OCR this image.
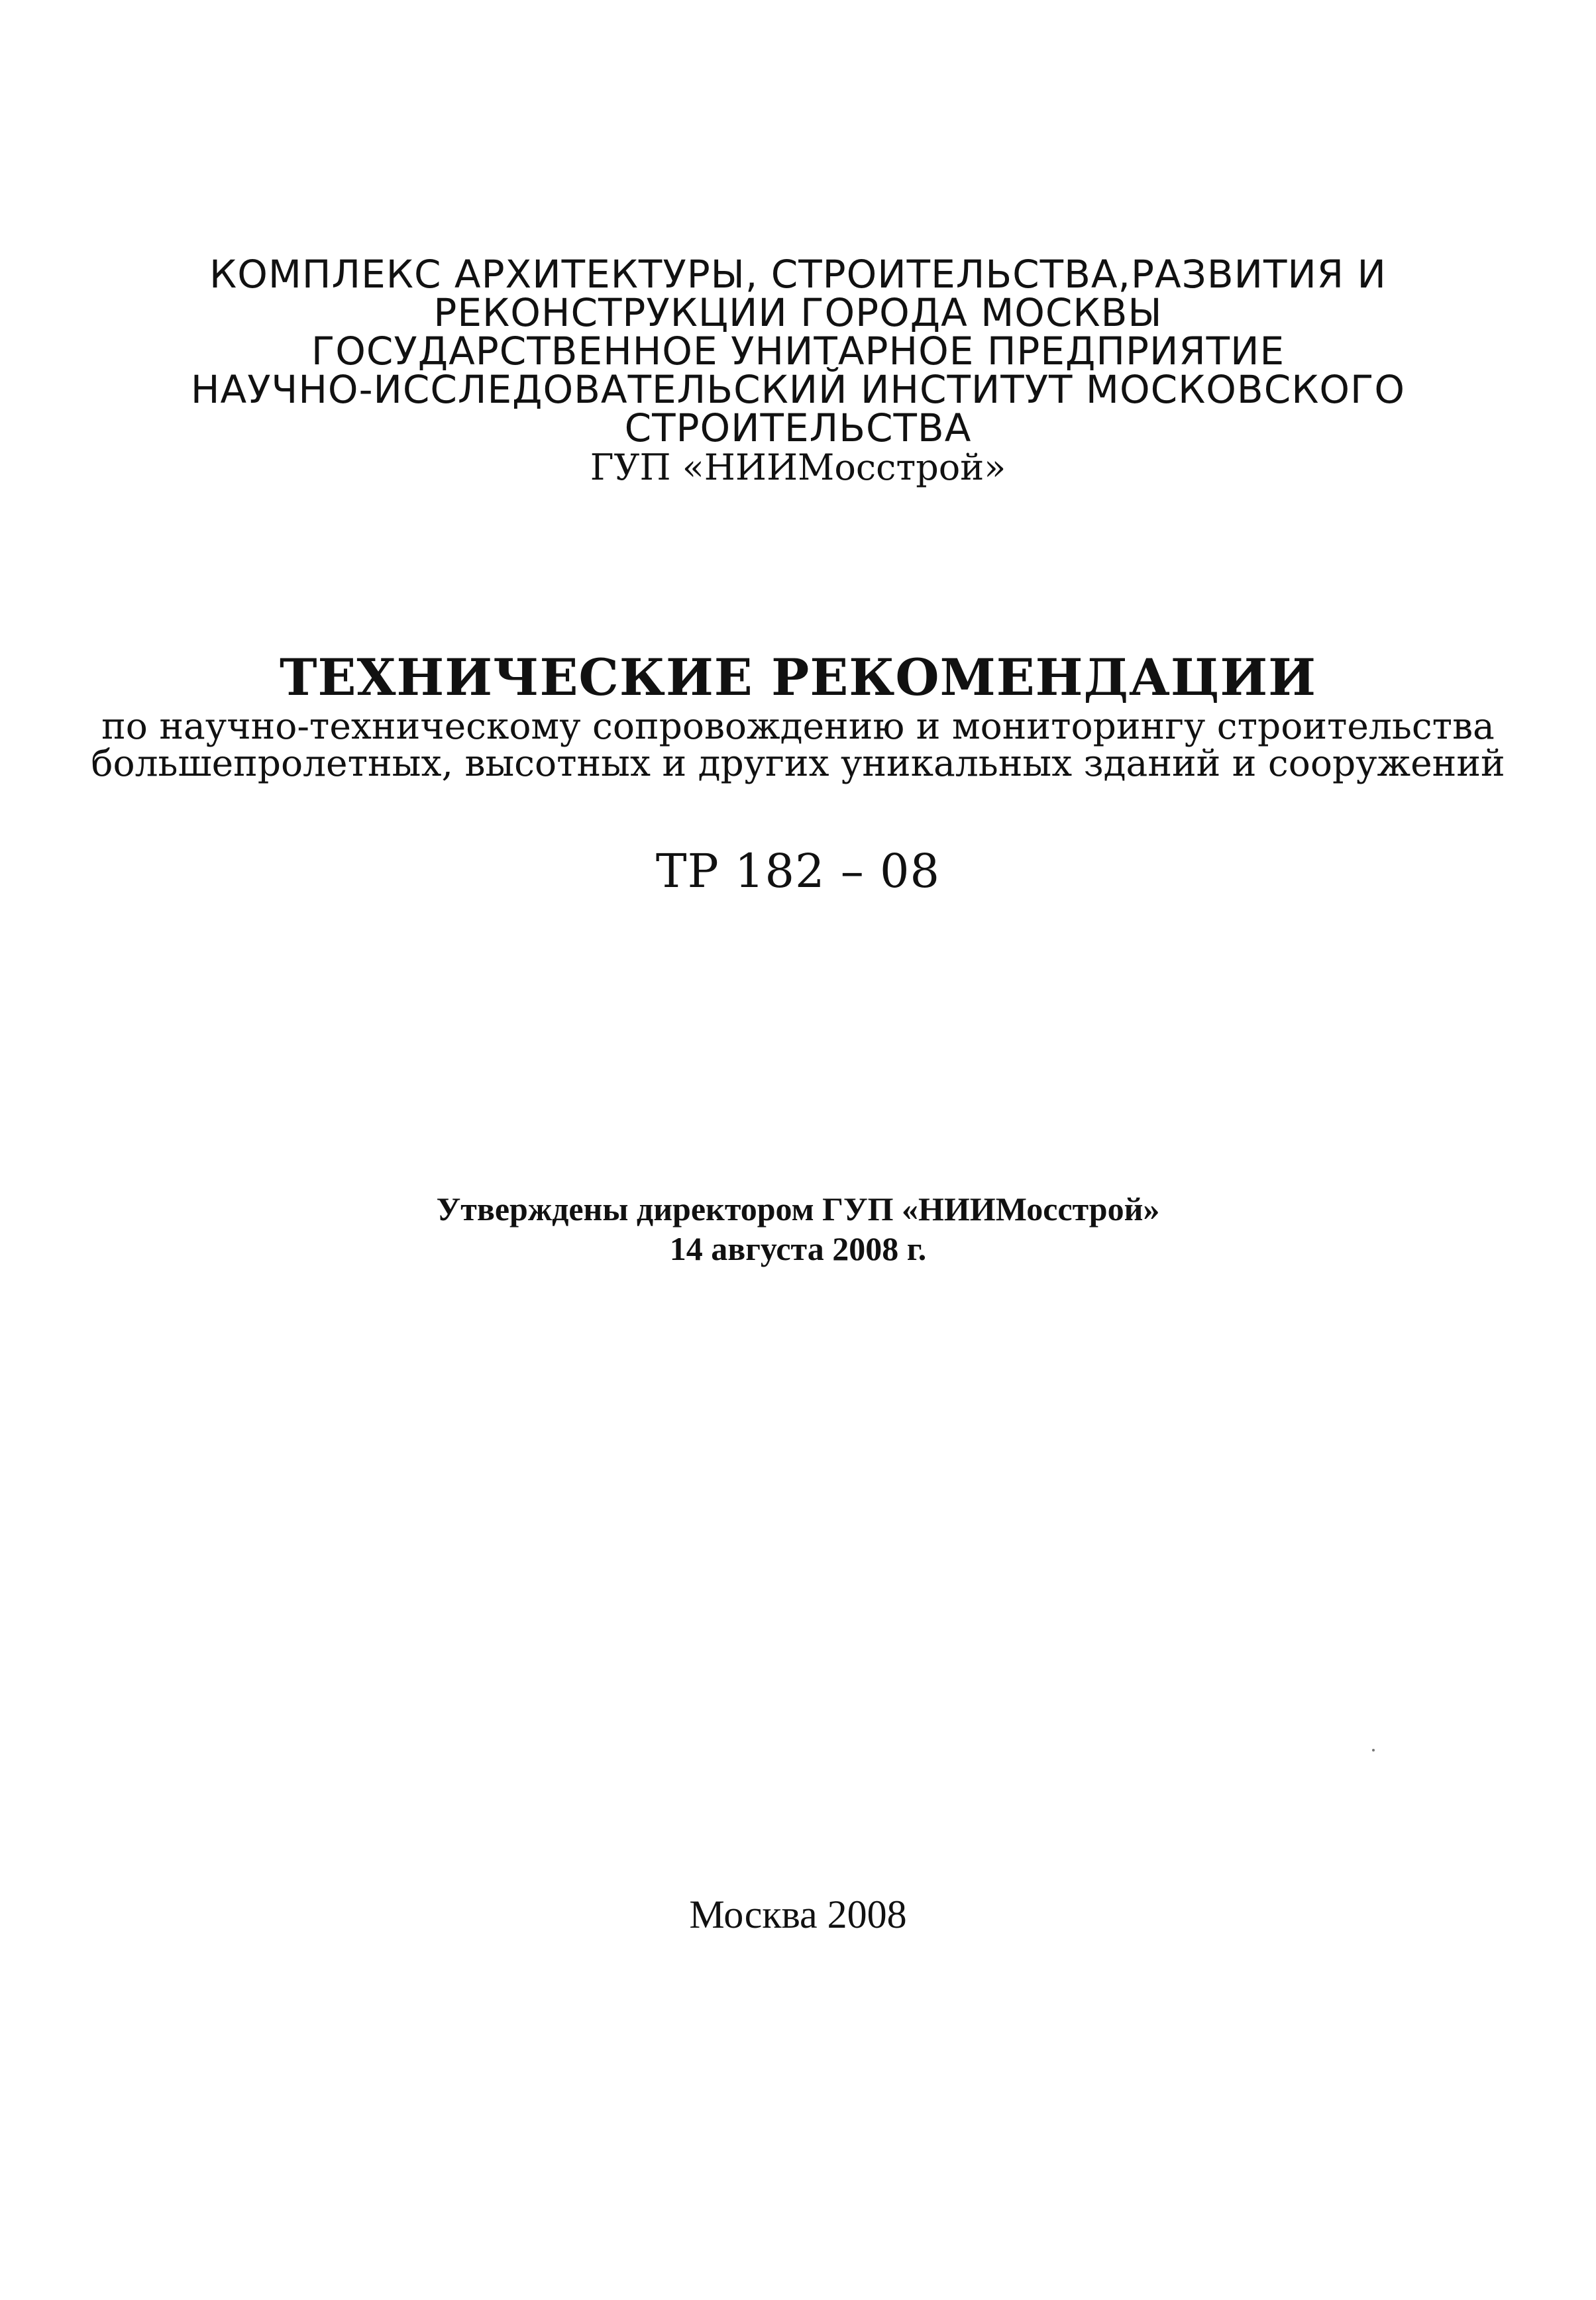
КОМПЛЕКС АРХИТЕКТУРЫ, СТРОИТЕЛЬСТВА,РАЗВИТИЯ И
РЕКОНСТРУКЦИИ ГОРОДА МОСКВЫ
ГОСУДАРСТВЕННОЕ УНИТАРНОЕ ПРЕДПРИЯТИЕ
НАУЧНО-ИССЛЕДОВАТЕЛЬСКИЙ ИНСТИТУТ МОСКОВСКОГО
СТРОИТЕЛЬСТВА
ГУП «НИИМосстрой»
ТЕХНИЧЕСКИЕ РЕКОМЕНДАЦИИ
по научно-техническому сопровождению и мониторингу строительства
большепролетных, высотных и других уникальных зданий и сооружений
ТР 182 – 08
Утверждены директором ГУП «НИИМосстрой»
14 августа 2008 г.
Москва 2008
